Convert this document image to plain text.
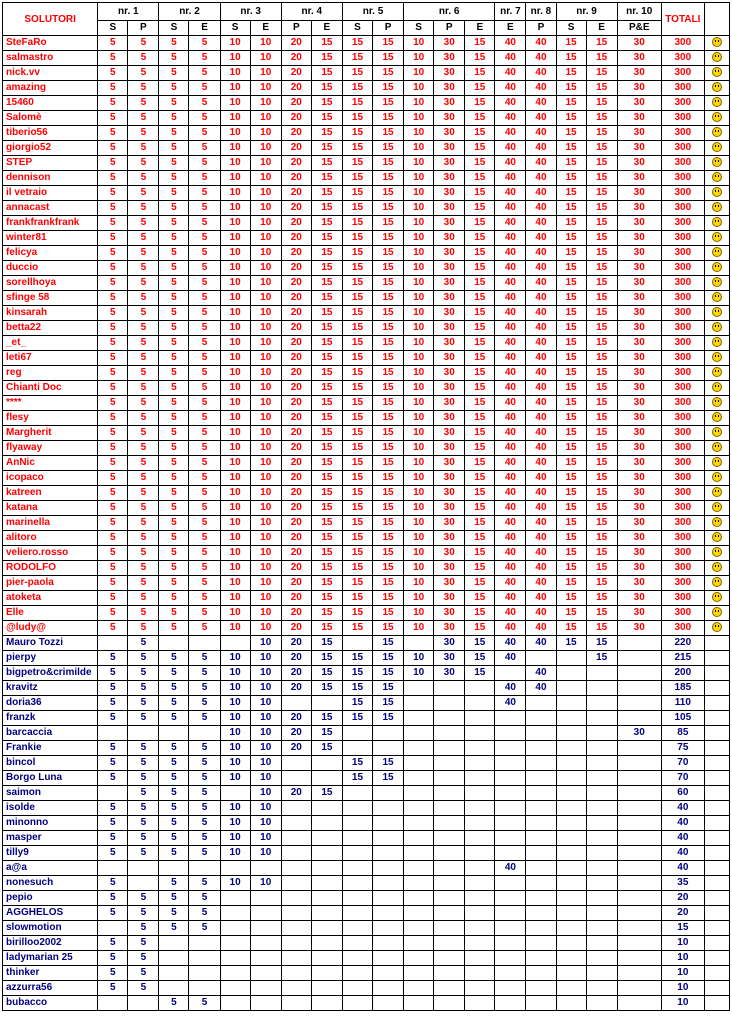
SOLUTORI	nr. 1		nr. 2		nr. 3		nr. 4		nr. 5		nr. 6			nr. 7	nr. 8	nr. 9		nr. 10	TOTALI	
	S	P	S	E	S	E	P	E	S	P	S	P	E	E	P	S	E	P&E		
SteFaRo	5	5	5	5	10	10	20	15	15	15	10	30	15	40	40	15	15	30	300	
salmastro	5	5	5	5	10	10	20	15	15	15	10	30	15	40	40	15	15	30	300	
nick.vv	5	5	5	5	10	10	20	15	15	15	10	30	15	40	40	15	15	30	300	
amazing	5	5	5	5	10	10	20	15	15	15	10	30	15	40	40	15	15	30	300	
15460	5	5	5	5	10	10	20	15	15	15	10	30	15	40	40	15	15	30	300	
Salomè	5	5	5	5	10	10	20	15	15	15	10	30	15	40	40	15	15	30	300	
tiberio56	5	5	5	5	10	10	20	15	15	15	10	30	15	40	40	15	15	30	300	
giorgio52	5	5	5	5	10	10	20	15	15	15	10	30	15	40	40	15	15	30	300	
STEP	5	5	5	5	10	10	20	15	15	15	10	30	15	40	40	15	15	30	300	
dennison	5	5	5	5	10	10	20	15	15	15	10	30	15	40	40	15	15	30	300	
il vetraio	5	5	5	5	10	10	20	15	15	15	10	30	15	40	40	15	15	30	300	
annacast	5	5	5	5	10	10	20	15	15	15	10	30	15	40	40	15	15	30	300	
frankfrankfrank	5	5	5	5	10	10	20	15	15	15	10	30	15	40	40	15	15	30	300	
winter81	5	5	5	5	10	10	20	15	15	15	10	30	15	40	40	15	15	30	300	
felicya	5	5	5	5	10	10	20	15	15	15	10	30	15	40	40	15	15	30	300	
duccio	5	5	5	5	10	10	20	15	15	15	10	30	15	40	40	15	15	30	300	
sorellhoya	5	5	5	5	10	10	20	15	15	15	10	30	15	40	40	15	15	30	300	
sfinge 58	5	5	5	5	10	10	20	15	15	15	10	30	15	40	40	15	15	30	300	
kinsarah	5	5	5	5	10	10	20	15	15	15	10	30	15	40	40	15	15	30	300	
betta22	5	5	5	5	10	10	20	15	15	15	10	30	15	40	40	15	15	30	300	
_et_	5	5	5	5	10	10	20	15	15	15	10	30	15	40	40	15	15	30	300	
leti67	5	5	5	5	10	10	20	15	15	15	10	30	15	40	40	15	15	30	300	
reg	5	5	5	5	10	10	20	15	15	15	10	30	15	40	40	15	15	30	300	
Chianti Doc	5	5	5	5	10	10	20	15	15	15	10	30	15	40	40	15	15	30	300	
****	5	5	5	5	10	10	20	15	15	15	10	30	15	40	40	15	15	30	300	
flesy	5	5	5	5	10	10	20	15	15	15	10	30	15	40	40	15	15	30	300	
Margherit	5	5	5	5	10	10	20	15	15	15	10	30	15	40	40	15	15	30	300	
flyaway	5	5	5	5	10	10	20	15	15	15	10	30	15	40	40	15	15	30	300	
AnNic	5	5	5	5	10	10	20	15	15	15	10	30	15	40	40	15	15	30	300	
icopaco	5	5	5	5	10	10	20	15	15	15	10	30	15	40	40	15	15	30	300	
katreen	5	5	5	5	10	10	20	15	15	15	10	30	15	40	40	15	15	30	300	
katana	5	5	5	5	10	10	20	15	15	15	10	30	15	40	40	15	15	30	300	
marinella	5	5	5	5	10	10	20	15	15	15	10	30	15	40	40	15	15	30	300	
alitoro	5	5	5	5	10	10	20	15	15	15	10	30	15	40	40	15	15	30	300	
veliero.rosso	5	5	5	5	10	10	20	15	15	15	10	30	15	40	40	15	15	30	300	
RODOLFO	5	5	5	5	10	10	20	15	15	15	10	30	15	40	40	15	15	30	300	
pier-paola	5	5	5	5	10	10	20	15	15	15	10	30	15	40	40	15	15	30	300	
atoketa	5	5	5	5	10	10	20	15	15	15	10	30	15	40	40	15	15	30	300	
Elle	5	5	5	5	10	10	20	15	15	15	10	30	15	40	40	15	15	30	300	
@ludy@	5	5	5	5	10	10	20	15	15	15	10	30	15	40	40	15	15	30	300	
Mauro Tozzi		5				10	20	15		15		30	15	40	40	15	15		220	
pierpy	5	5	5	5	10	10	20	15	15	15	10	30	15	40			15		215	
bigpetro&crimilde	5	5	5	5	10	10	20	15	15	15	10	30	15		40				200	
kravitz	5	5	5	5	10	10	20	15	15	15				40	40				185	
doria36	5	5	5	5	10	10			15	15				40					110	
franzk	5	5	5	5	10	10	20	15	15	15									105	
barcaccia					10	10	20	15										30	85	
Frankie	5	5	5	5	10	10	20	15											75	
bincol	5	5	5	5	10	10			15	15									70	
Borgo Luna	5	5	5	5	10	10			15	15									70	
saimon		5	5	5		10	20	15											60	
isolde	5	5	5	5	10	10													40	
minonno	5	5	5	5	10	10													40	
masper	5	5	5	5	10	10													40	
tilly9	5	5	5	5	10	10													40	
a@a														40					40	
nonesuch	5		5	5	10	10													35	
pepio	5	5	5	5															20	
AGGHELOS	5	5	5	5															20	
slowmotion		5	5	5															15	
birilloo2002	5	5																	10	
ladymarian 25	5	5																	10	
thinker	5	5																	10	
azzurra56	5	5																	10	
bubacco			5	5															10	
